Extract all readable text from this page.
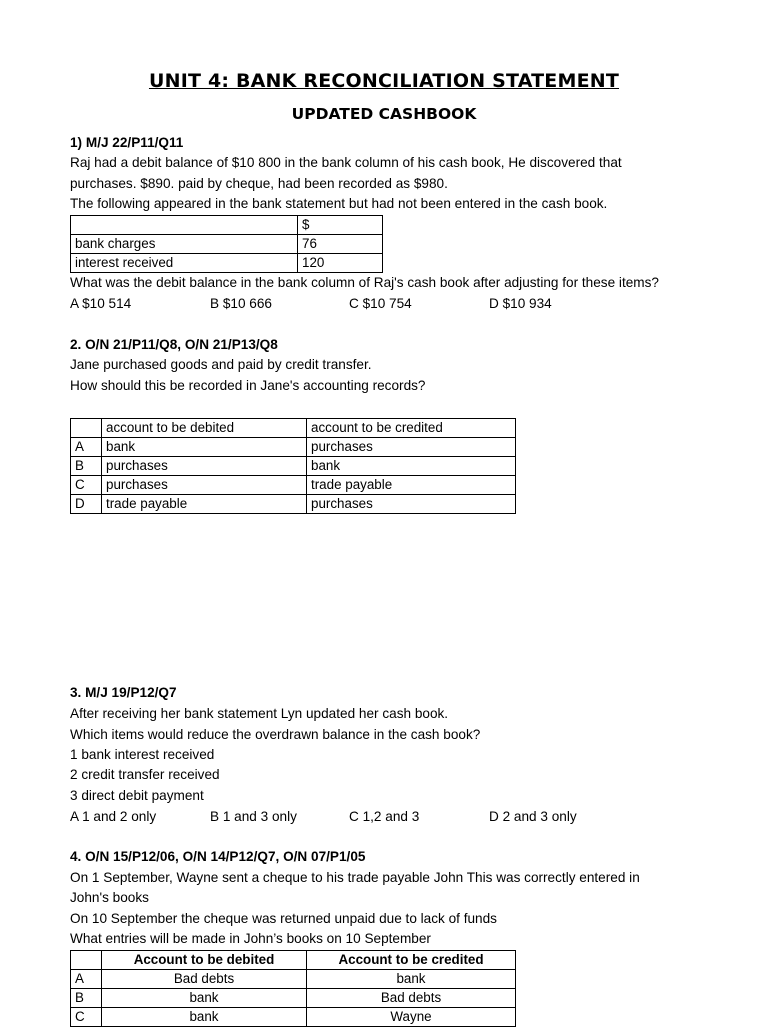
UNIT 4: BANK RECONCILIATION STATEMENT
UPDATED CASHBOOK
1) M/J 22/P11/Q11
Raj had a debit balance of $10 800 in the bank column of his cash book, He discovered that
purchases. $890. paid by cheque, had been recorded as $980.
The following appeared in the bank statement but had not been entered in the cash book.
	$
bank charges	76
interest received	120
What was the debit balance in the bank column of Raj's cash book after adjusting for these items?
A $10 514	B $10 666	C $10 754	D $10 934
2. O/N 21/P11/Q8, O/N 21/P13/Q8
Jane purchased goods and paid by credit transfer.
How should this be recorded in Jane's accounting records?
	account to be debited	account to be credited
A	bank	purchases
B	purchases	bank
C	purchases	trade payable
D	trade payable	purchases
3. M/J 19/P12/Q7
After receiving her bank statement Lyn updated her cash book.
Which items would reduce the overdrawn balance in the cash book?
1 bank interest received
2 credit transfer received
3 direct debit payment
A 1 and 2 only	B 1 and 3 only	C 1,2 and 3	D 2 and 3 only
4. O/N 15/P12/06, O/N 14/P12/Q7, O/N 07/P1/05
On 1 September, Wayne sent a cheque to his trade payable John This was correctly entered in
John's books
On 10 September the cheque was returned unpaid due to lack of funds
What entries will be made in John’s books on 10 September
	Account to be debited	Account to be credited
A	Bad debts	bank
B	bank	Bad debts
C	bank	Wayne
